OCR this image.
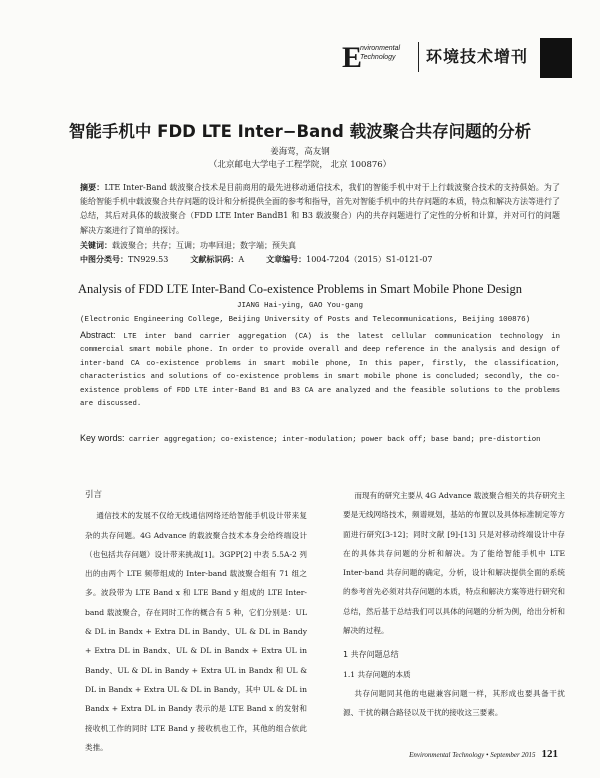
E
nvironmental
Technology 环境技术增刊
智能手机中 FDD LTE Inter−Band 载波聚合共存问题的分析
姜海莺，高友钢
（北京邮电大学电子工程学院， 北京 100876）
摘要：LTE Inter-Band 载波聚合技术是目前商用的最先进移动通信技术，我们的智能手机中对于上行载波聚合技术的支持俱始。为了能给智能手机中载波聚合共存问题的设计和分析提供全面的参考和指导，首先对智能手机中的共存问题的本质，特点和解决方法等进行了总结，其后对具体的载波聚合（FDD LTE Inter BandB1 和 B3 载波聚合）内的共存问题进行了定性的分析和计算，并对可行的问题解决方案进行了简单的探讨。
关键词：载波聚合；共存；互调；功率回退；数字端；预失真
中图分类号：TN929.53	文献标识码：A	文章编号：1004-7204（2015）S1-0121-07
Analysis of FDD LTE Inter-Band Co-existence Problems in Smart Mobile Phone Design
JIANG Hai-ying, GAO You-gang
(Electronic Engineering College, Beijing University of Posts and Telecommunications, Beijing 100876)
Abstract: LTE inter band carrier aggregation (CA) is the latest cellular communication technology in commercial smart mobile phone. In order to provide overall and deep reference in the analysis and design of inter-band CA co-existence problems in smart mobile phone, In this paper, firstly, the classification, characteristics and solutions of co-existence problems in smart mobile phone is concluded; secondly, the co-existence problems of FDD LTE inter-Band B1 and B3 CA are analyzed and the feasible solutions to the problems are discussed.
Key words: carrier aggregation; co-existence; inter-modulation; power back off; base band; pre-distortion
引言
通信技术的发展不仅给无线通信网络还给智能手机设计带来复杂的共存问题。4G Advance 的载波聚合技术本身会给终端设计（也包括共存问题）设计带来挑战[1]。3GPP[2] 中表 5.5A-2 列出的由两个 LTE 频带组成的 Inter-band 载波聚合组有 71 组之多。波段带为 LTE Band x 和 LTE Band y 组成的 LTE Inter-band 载波聚合，存在同时工作的概合有 5 种，它们分别是：UL & DL in Bandx + Extra DL in Bandy、UL & DL in Bandy + Extra DL in Bandx、UL & DL in Bandx + Extra UL in Bandy、UL & DL in Bandy + Extra UL in Bandx 和 UL & DL in Bandx + Extra UL & DL in Bandy，其中 UL & DL in Bandx + Extra DL in Bandy 表示的是 LTE Band x 的发射和接收机工作的同时 LTE Band y 接收机也工作，其他的组合依此类推。
而现有的研究主要从 4G Advance 载波聚合相关的共存研究主要是无线网络技术，频谱规划，基站的布置以及具体标准制定等方面进行研究[3-12]；同时文献 [9]-[13] 只是对移动终端设计中存在的具体共存问题的分析和解决。为了能给智能手机中 LTE Inter-band 共存问题的确定，分析，设计和解决提供全面的系统的参考首先必须对共存问题的本质，特点和解决方案等进行研究和总结，然后基于总结我们可以具体的问题的分析为例，给出分析和解决的过程。
1 共存问题总结
1.1 共存问题的本质
共存问题同其他的电磁兼容问题一样，其形成也要具备干扰源、干扰的耦合路径以及干扰的接收这三要素。
Environmental Technology • September 2015 121
